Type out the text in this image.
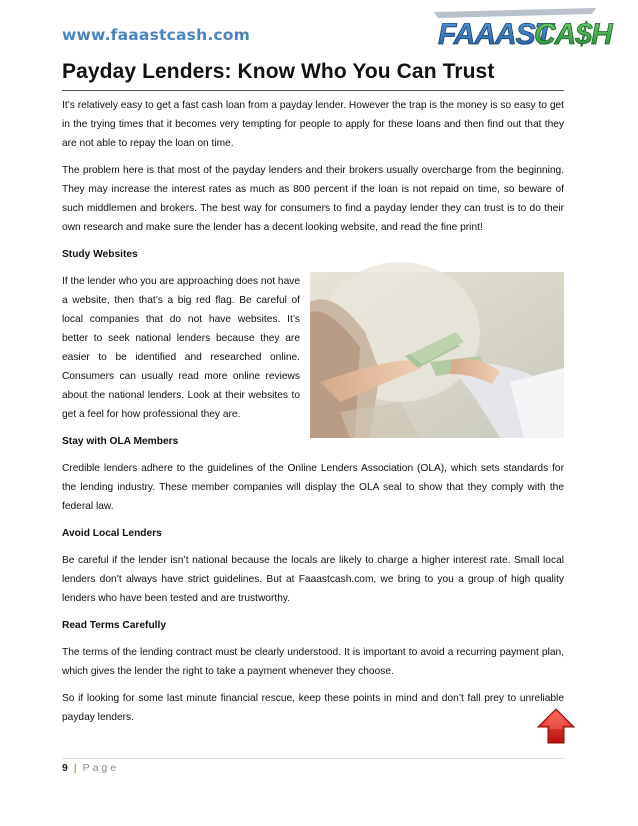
www.faaastcash.com	FAAAST
CA$H
Payday Lenders: Know Who You Can Trust

It’s relatively easy to get a fast cash loan from a payday lender. However the trap is the money is so easy to get in the trying times that it becomes very tempting for people to apply for these loans and then find out that they are not able to repay the loan on time.

The problem here is that most of the payday lenders and their brokers usually overcharge from the beginning. They may increase the interest rates as much as 800 percent if the loan is not repaid on time, so beware of such middlemen and brokers. The best way for consumers to find a payday lender they can trust is to do their own research and make sure the lender has a decent looking website, and read the fine print!

Study Websites

If the lender who you are approaching does not have a website, then that’s a big red flag. Be careful of local companies that do not have websites. It’s better to seek national lenders because they are easier to be identified and researched online. Consumers can usually read more online reviews about the national lenders. Look at their websites to get a feel for how professional they are.

Stay with OLA Members

Credible lenders adhere to the guidelines of the Online Lenders Association (OLA), which sets standards for the lending industry. These member companies will display the OLA seal to show that they comply with the federal law.

Avoid Local Lenders

Be careful if the lender isn’t national because the locals are likely to charge a higher interest rate. Small local lenders don’t always have strict guidelines. But at Faaastcash.com, we bring to you a group of high quality lenders who have been tested and are trustworthy.

Read Terms Carefully

The terms of the lending contract must be clearly understood. It is important to avoid a recurring payment plan, which gives the lender the right to take a payment whenever they choose.

So if looking for some last minute financial rescue, keep these points in mind and don’t fall prey to unreliable payday lenders.

9 | Page
